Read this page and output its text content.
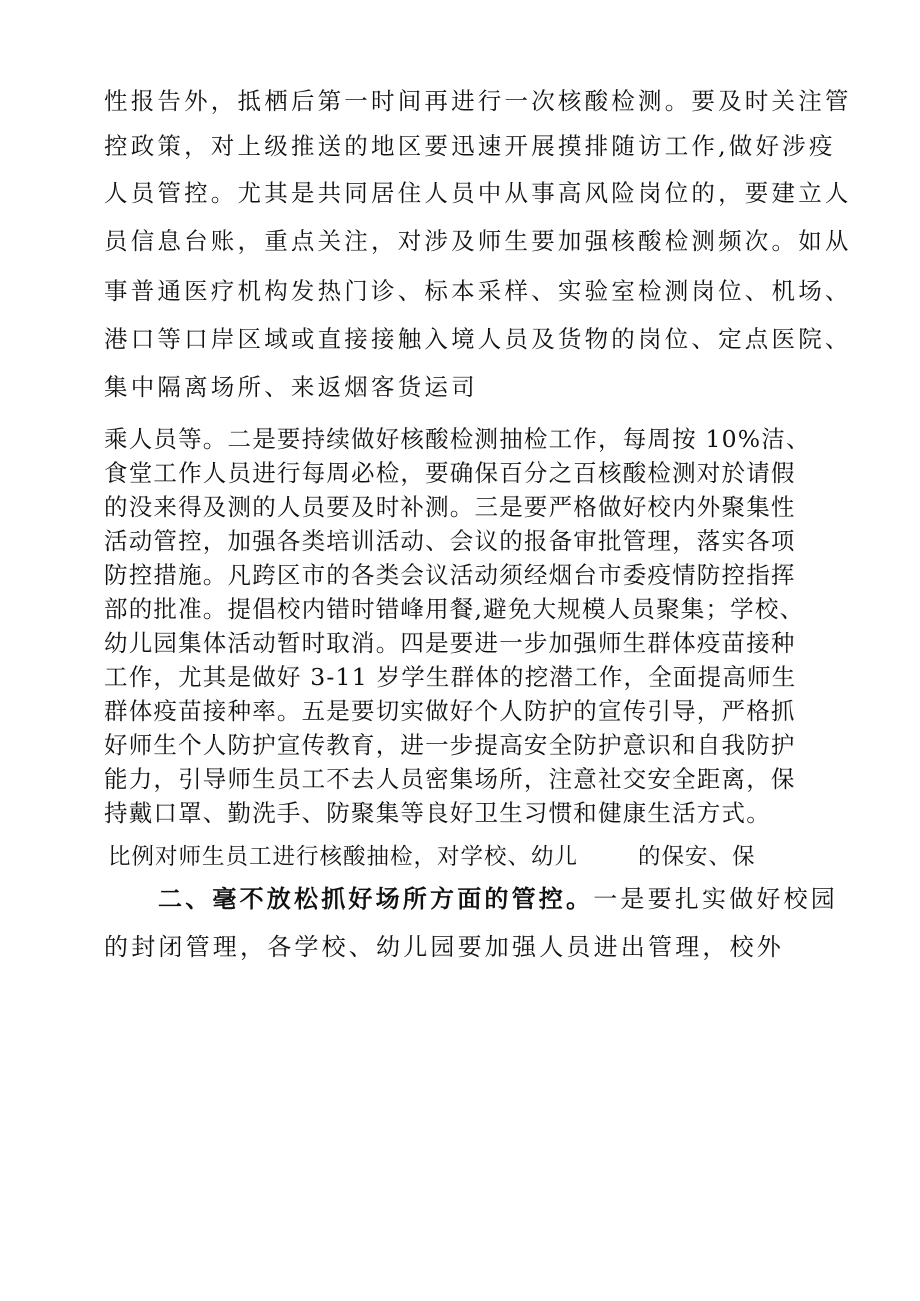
性报告外，抵栖后第一时间再进行一次核酸检测。要及时关注管
控政策，对上级推送的地区要迅速开展摸排随访工作,做好涉疫
人员管控。尤其是共同居住人员中从事高风险岗位的，要建立人
员信息台账，重点关注，对涉及师生要加强核酸检测频次。如从
事普通医疗机构发热门诊、标本采样、实验室检测岗位、机场、
港口等口岸区域或直接接触入境人员及货物的岗位、定点医院、
集中隔离场所、来返烟客货运司
乘人员等。二是要持续做好核酸检测抽检工作，每周按 10%洁、
食堂工作人员进行每周必检，要确保百分之百核酸检测对於请假
的没来得及测的人员要及时补测。三是要严格做好校内外聚集性
活动管控，加强各类培训活动、会议的报备审批管理，落实各项
防控措施。凡跨区市的各类会议活动须经烟台市委疫情防控指挥
部的批准。提倡校内错时错峰用餐,避免大规模人员聚集；学校、
幼儿园集体活动暂时取消。四是要进一步加强师生群体疫苗接种
工作，尤其是做好 3-11 岁学生群体的挖潜工作，全面提高师生
群体疫苗接种率。五是要切实做好个人防护的宣传引导，严格抓
好师生个人防护宣传教育，进一步提高安全防护意识和自我防护
能力，引导师生员工不去人员密集场所，注意社交安全距离，保
持戴口罩、勤洗手、防聚集等良好卫生习惯和健康生活方式。
比例对师生员工进行核酸抽检，对学校、幼儿	的保安、保
二、毫不放松抓好场所方面的管控。一是要扎实做好校园
的封闭管理，各学校、幼儿园要加强人员进出管理，校外
